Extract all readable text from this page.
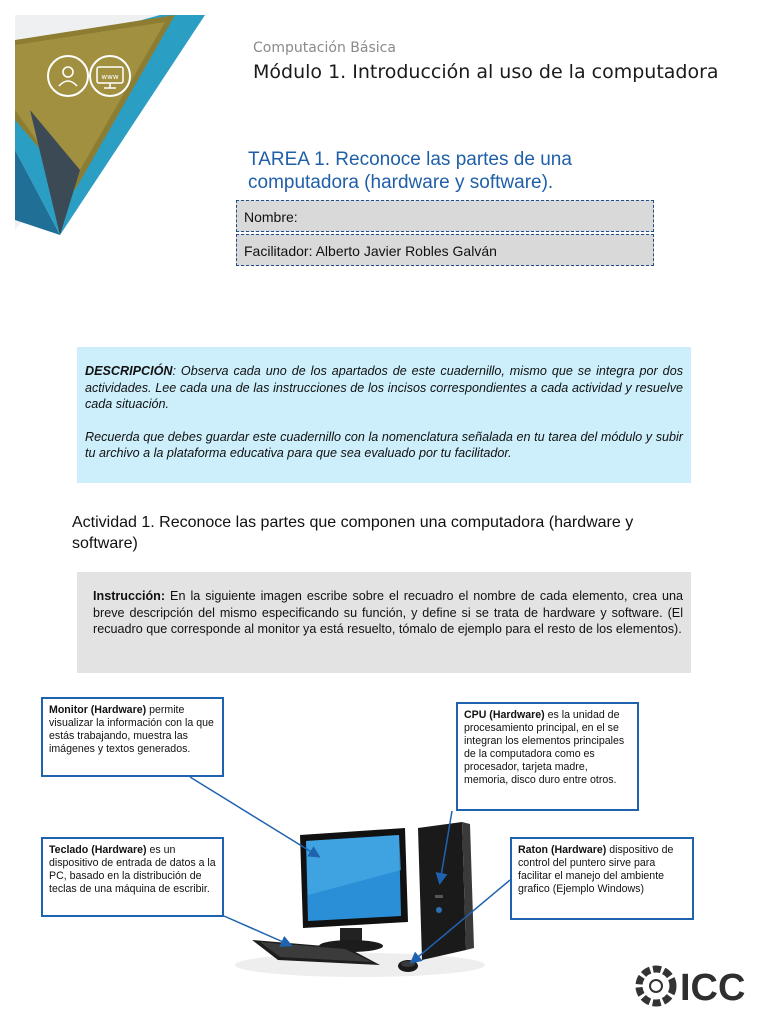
www
Computación Básica
Módulo 1. Introducción al uso de la computadora
TAREA 1. Reconoce las partes de una computadora (hardware y software).
Nombre:
Facilitador: Alberto Javier Robles Galván

DESCRIPCIÓN: Observa cada uno de los apartados de este cuadernillo, mismo que se integra por dos actividades. Lee cada una de las instrucciones de los incisos correspondientes a cada actividad y resuelve cada situación.

Recuerda que debes guardar este cuadernillo con la nomenclatura señalada en tu tarea del módulo y subir tu archivo a la plataforma educativa para que sea evaluado por tu facilitador.

Actividad 1. Reconoce las partes que componen una computadora (hardware y software)
Instrucción: En la siguiente imagen escribe sobre el recuadro el nombre de cada elemento, crea una breve descripción del mismo especificando su función, y define si se trata de hardware y software. (El recuadro que corresponde al monitor ya está resuelto, tómalo de ejemplo para el resto de los elementos).
Monitor (Hardware) permite visualizar la información con la que estás trabajando, muestra las imágenes y textos generados.
CPU (Hardware) es la unidad de procesamiento principal, en el se integran los elementos principales de la computadora como es procesador, tarjeta madre, memoria, disco duro entre otros.
Teclado (Hardware) es un dispositivo de entrada de datos a la PC, basado en la distribución de teclas de una máquina de escribir.
Raton (Hardware) dispositivo de control del puntero sirve para facilitar el manejo del ambiente grafico (Ejemplo Windows)
ICC
